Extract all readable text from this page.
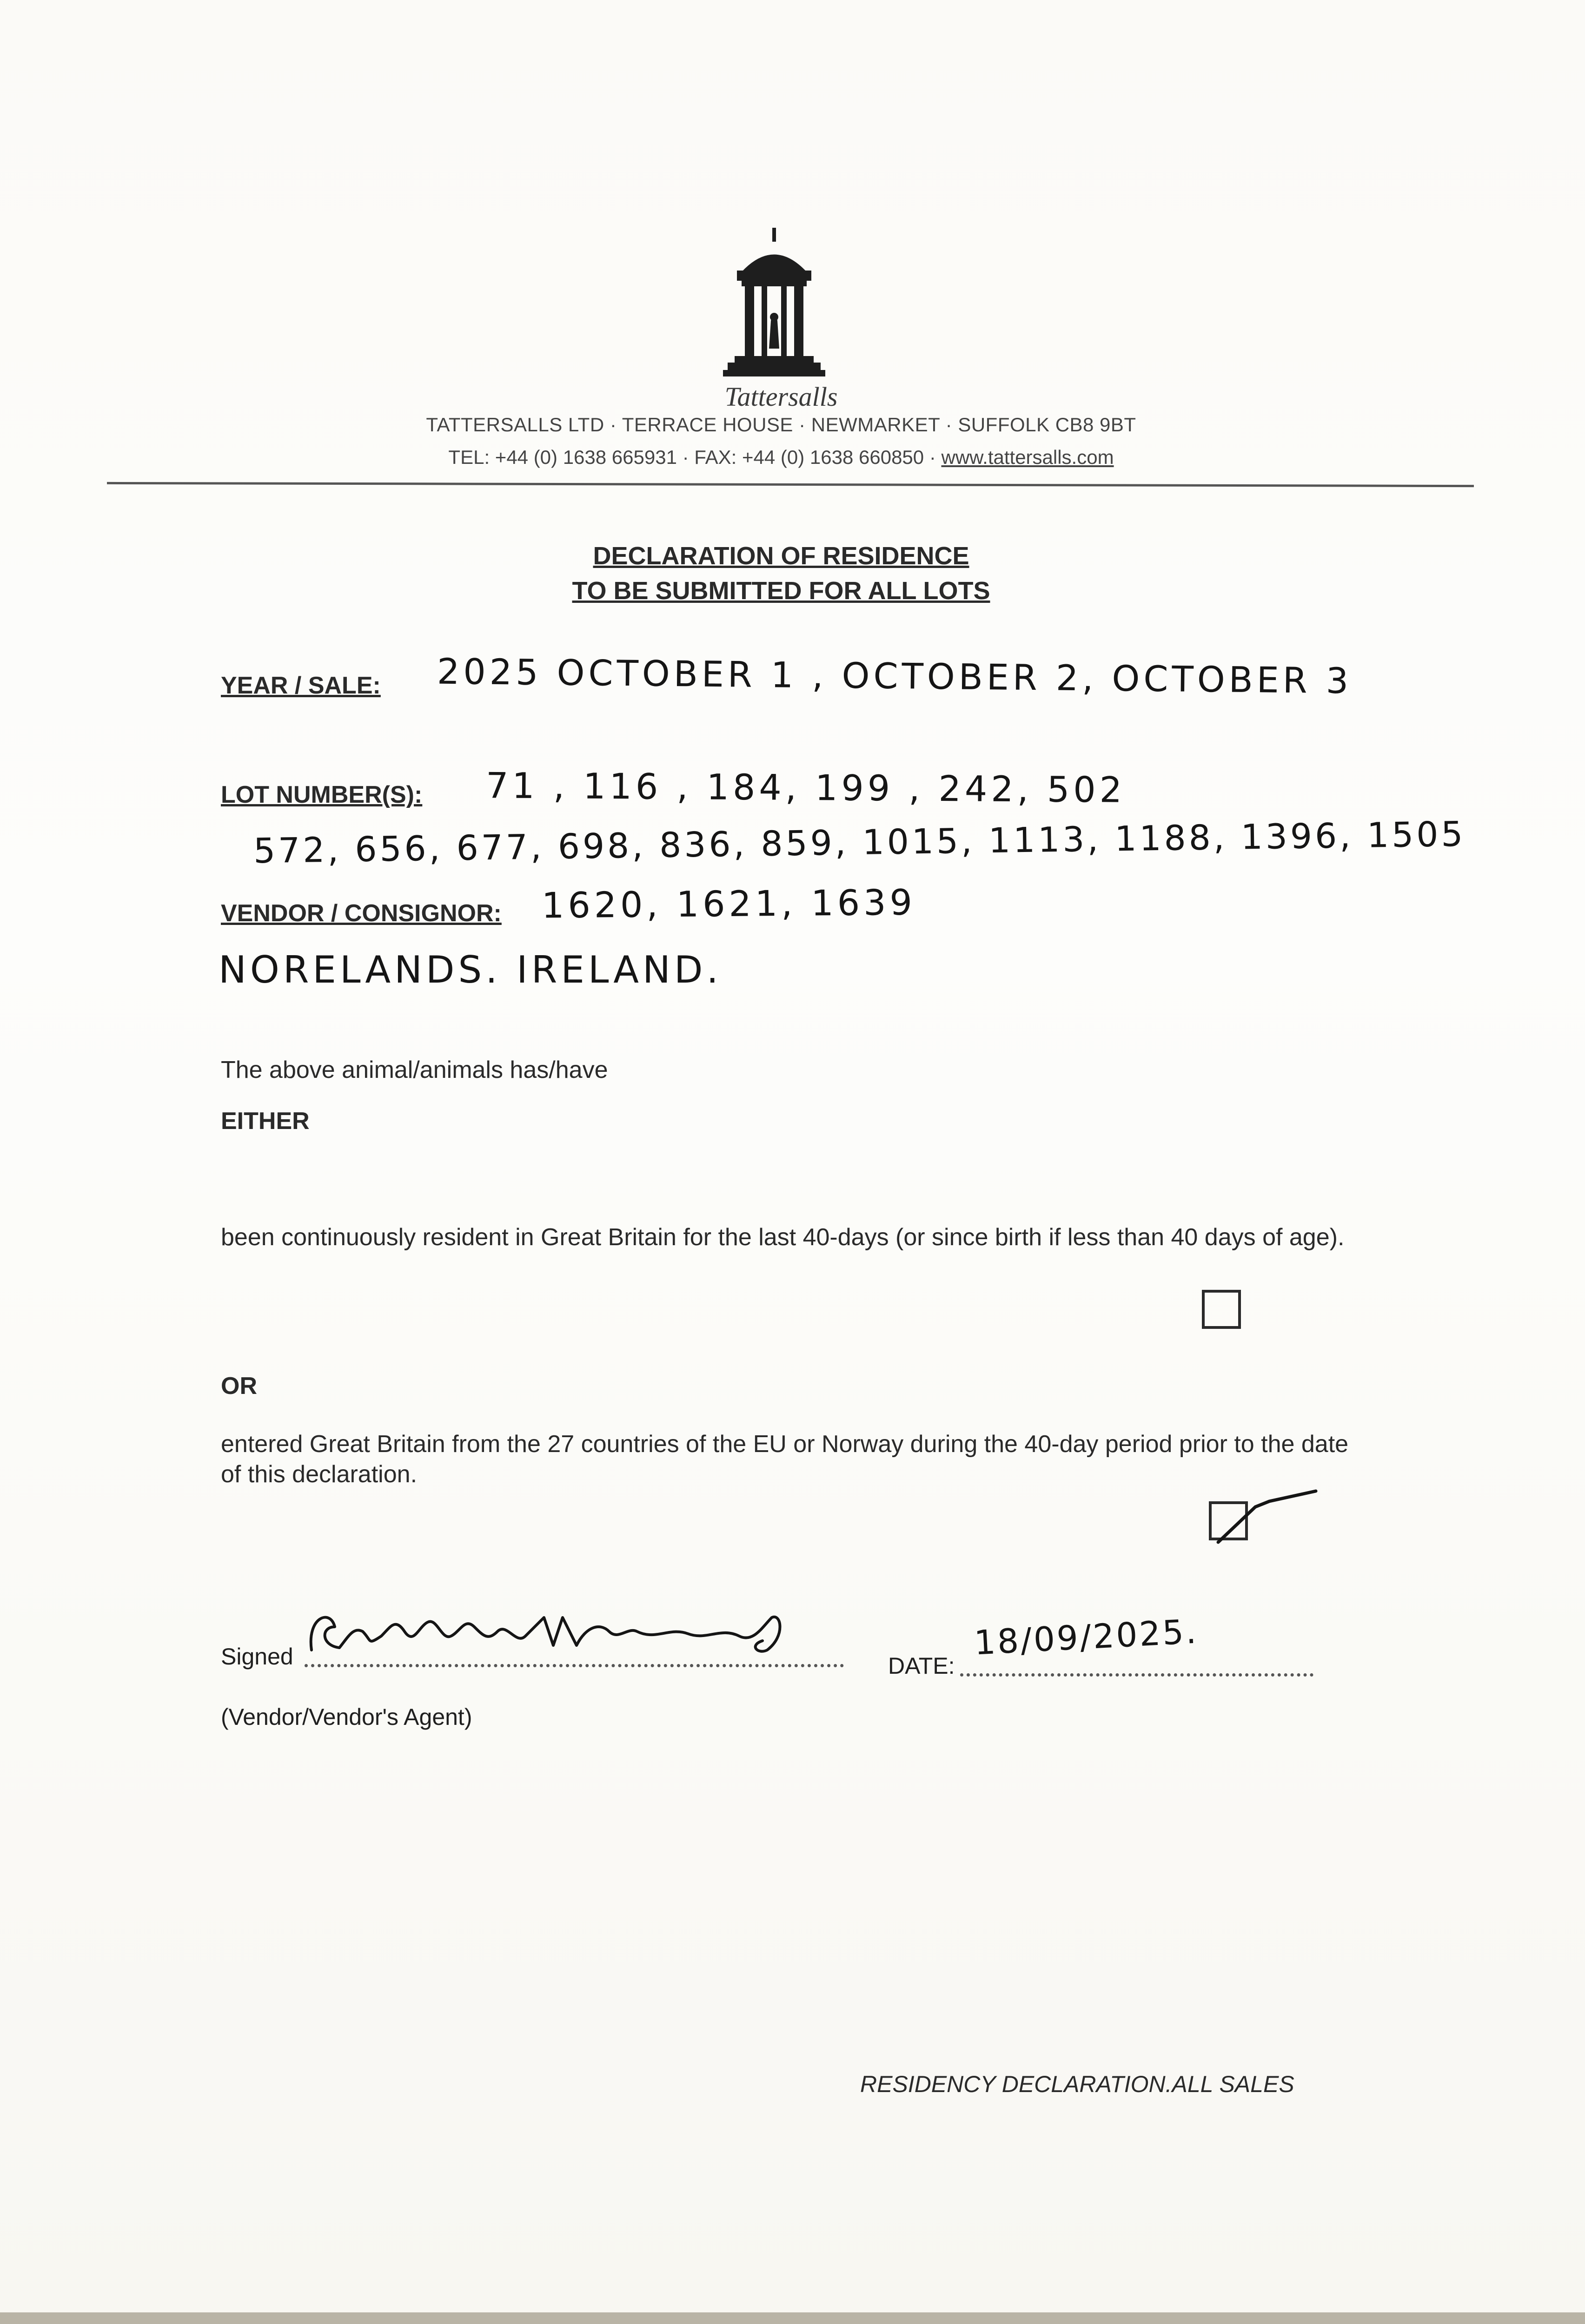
Tattersalls
TATTERSALLS LTD · TERRACE HOUSE · NEWMARKET · SUFFOLK CB8 9BT
TEL: +44 (0) 1638 665931 · FAX: +44 (0) 1638 660850 · www.tattersalls.com
DECLARATION OF RESIDENCE
TO BE SUBMITTED FOR ALL LOTS
YEAR / SALE: 2025 OCTOBER 1 , OCTOBER 2, OCTOBER 3
LOT NUMBER(S): 71 , 116 , 184, 199 , 242, 502
572, 656, 677, 698, 836, 859, 1015, 1113, 1188, 1396, 1505
1620, 1621, 1639
VENDOR / CONSIGNOR:
NORELANDS. IRELAND.
The above animal/animals has/have
EITHER
been continuously resident in Great Britain for the last 40-days (or since birth if less than 40 days of age).
OR
entered Great Britain from the 27 countries of the EU or Norway during the 40-day period prior to the date of this declaration.
Signed	DATE:
18/09/2025.
(Vendor/Vendor's Agent)
RESIDENCY DECLARATION.ALL SALES
